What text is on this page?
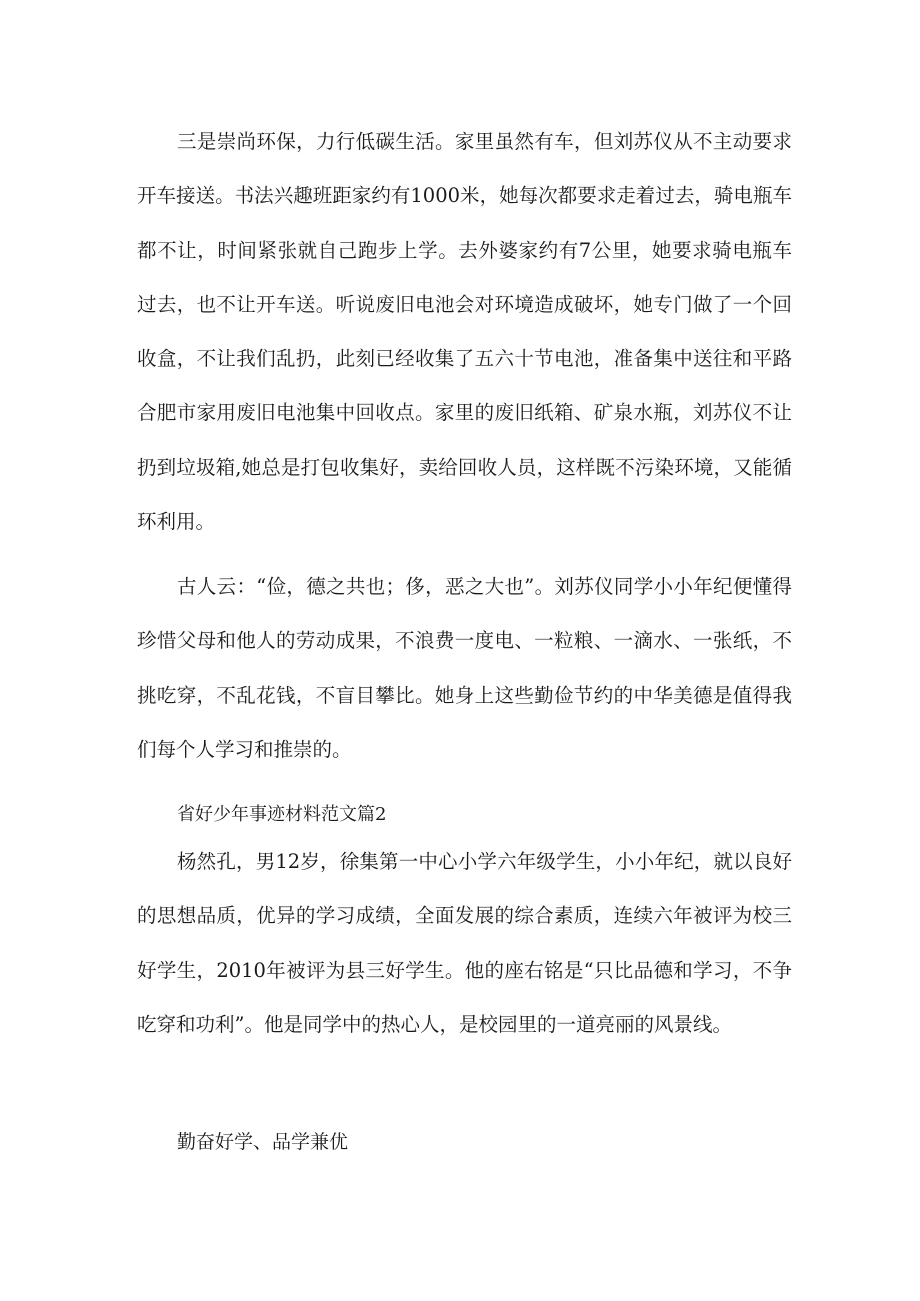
三是崇尚环保，力行低碳生活。家里虽然有车，但刘苏仪从不主动要求开车接送。书法兴趣班距家约有1000米，她每次都要求走着过去，骑电瓶车都不让，时间紧张就自己跑步上学。去外婆家约有7公里，她要求骑电瓶车过去，也不让开车送。听说废旧电池会对环境造成破坏，她专门做了一个回收盒，不让我们乱扔，此刻已经收集了五六十节电池，准备集中送往和平路合肥市家用废旧电池集中回收点。家里的废旧纸箱、矿泉水瓶，刘苏仪不让扔到垃圾箱,她总是打包收集好，卖给回收人员，这样既不污染环境，又能循环利用。

古人云：“俭，德之共也；侈，恶之大也”。刘苏仪同学小小年纪便懂得珍惜父母和他人的劳动成果，不浪费一度电、一粒粮、一滴水、一张纸，不挑吃穿，不乱花钱，不盲目攀比。她身上这些勤俭节约的中华美德是值得我们每个人学习和推崇的。

省好少年事迹材料范文篇2

杨然孔，男12岁，徐集第一中心小学六年级学生，小小年纪，就以良好的思想品质，优异的学习成绩，全面发展的综合素质，连续六年被评为校三好学生，2010年被评为县三好学生。他的座右铭是“只比品德和学习，不争吃穿和功利”。他是同学中的热心人，是校园里的一道亮丽的风景线。

勤奋好学、品学兼优
